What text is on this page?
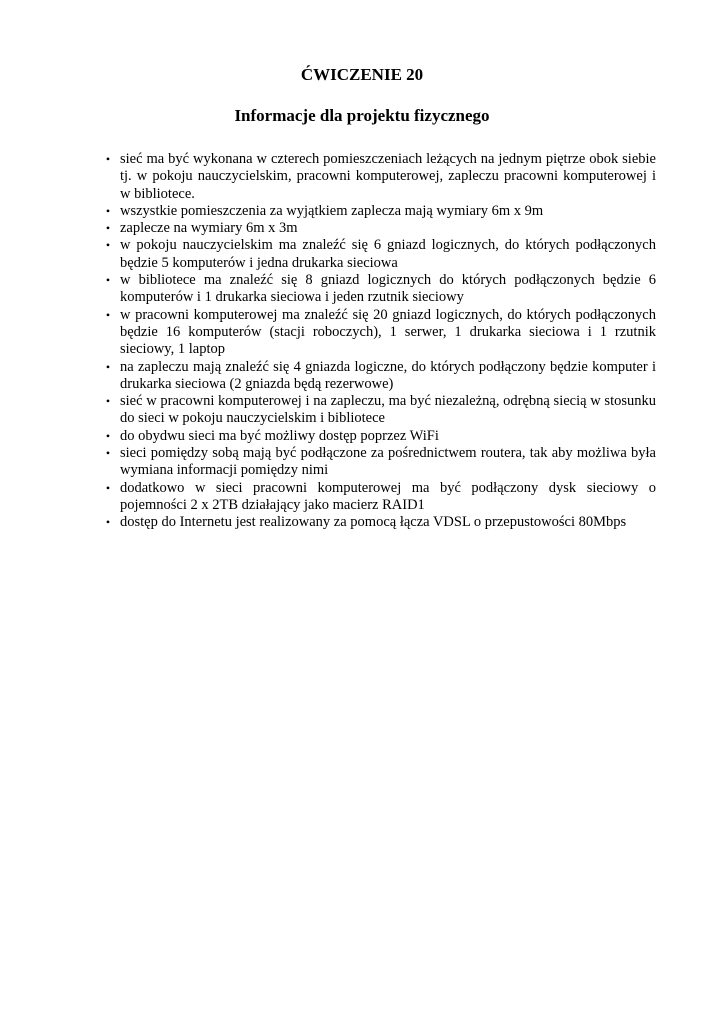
ĆWICZENIE 20
Informacje dla projektu fizycznego
• sieć ma być wykonana w czterech pomieszczeniach leżących na jednym piętrze obok siebie tj. w pokoju nauczycielskim, pracowni komputerowej, zapleczu pracowni komputerowej i w bibliotece.
• wszystkie pomieszczenia za wyjątkiem zaplecza mają wymiary 6m x 9m
• zaplecze na wymiary 6m x 3m
• w pokoju nauczycielskim ma znaleźć się 6 gniazd logicznych, do których podłączonych będzie 5 komputerów i jedna drukarka sieciowa
• w bibliotece ma znaleźć się 8 gniazd logicznych do których podłączonych będzie 6 komputerów i 1 drukarka sieciowa i jeden rzutnik sieciowy
• w pracowni komputerowej ma znaleźć się 20 gniazd logicznych, do których podłączonych będzie 16 komputerów (stacji roboczych), 1 serwer, 1 drukarka sieciowa i 1 rzutnik sieciowy, 1 laptop
• na zapleczu mają znaleźć się 4 gniazda logiczne, do których podłączony będzie komputer i drukarka sieciowa (2 gniazda będą rezerwowe)
• sieć w pracowni komputerowej i na zapleczu, ma być niezależną, odrębną siecią w stosunku do sieci w pokoju nauczycielskim i bibliotece
• do obydwu sieci ma być możliwy dostęp poprzez WiFi
• sieci pomiędzy sobą mają być podłączone za pośrednictwem routera, tak aby możliwa była wymiana informacji pomiędzy nimi
• dodatkowo w sieci pracowni komputerowej ma być podłączony dysk sieciowy o pojemności 2 x 2TB działający jako macierz RAID1
• dostęp do Internetu jest realizowany za pomocą łącza VDSL o przepustowości 80Mbps
